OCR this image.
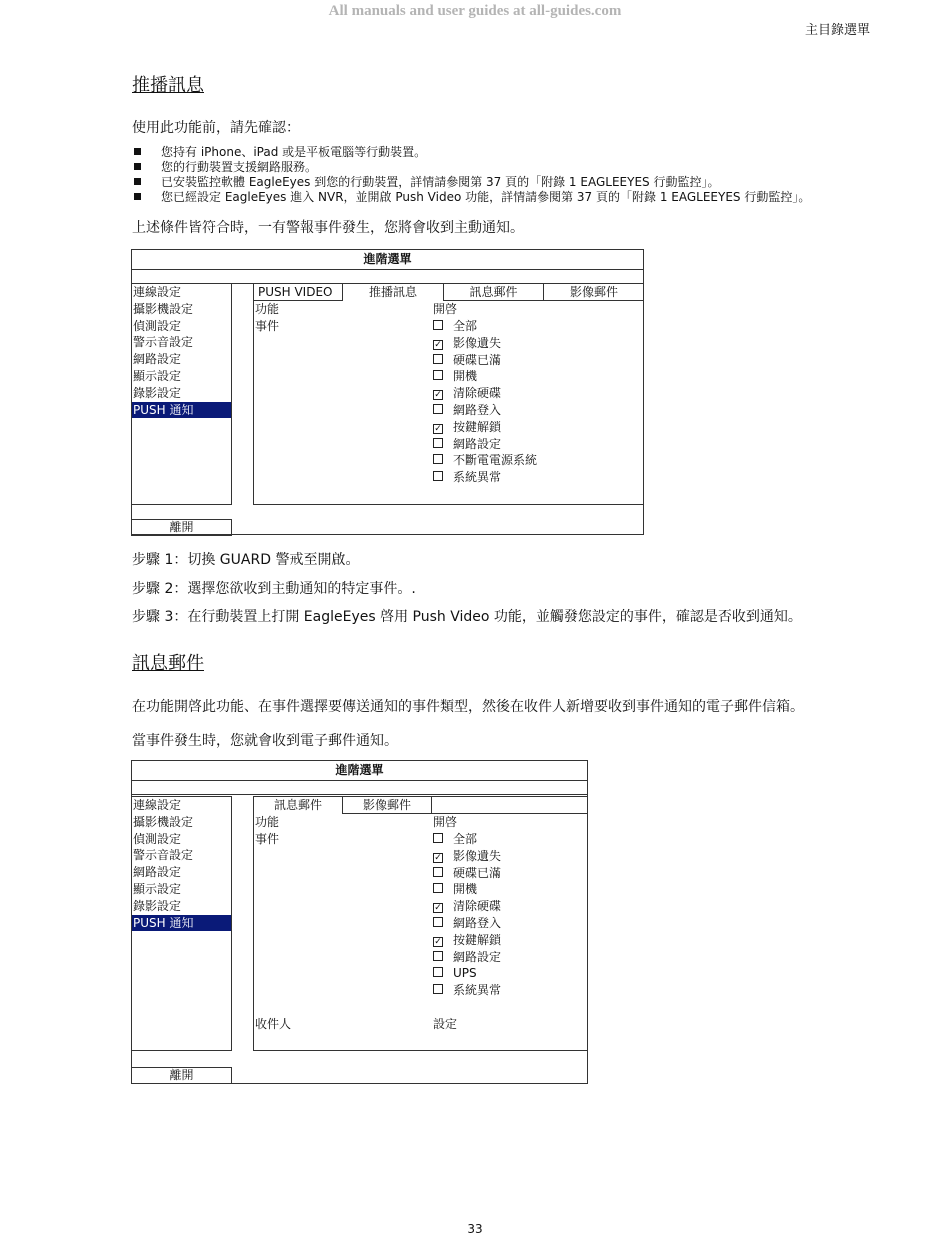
All manuals and user guides at all-guides.com
主目錄選單
推播訊息
使用此功能前，請先確認：
您持有 iPhone、iPad 或是平板電腦等行動裝置。
您的行動裝置支援網路服務。
已安裝監控軟體 EagleEyes 到您的行動裝置，詳情請參閱第 37 頁的「附錄 1 EAGLEEYES 行動監控」。
您已經設定 EagleEyes 進入 NVR，並開啟 Push Video 功能，詳情請參閱第 37 頁的「附錄 1 EAGLEEYES 行動監控」。
上述條件皆符合時，一有警報事件發生，您將會收到主動通知。
進階選單
連線設定
攝影機設定
偵測設定
警示音設定
網路設定
顯示設定
錄影設定
PUSH 通知
PUSH VIDEO	推播訊息	訊息郵件	影像郵件
功能	開啓
事件	全部
✓ 影像遺失
硬碟已滿
開機
✓ 清除硬碟
網路登入
✓ 按鍵解鎖
網路設定
不斷電電源系統
系統異常
離開
步驟 1：切換 GUARD 警戒至開啟。
步驟 2：選擇您欲收到主動通知的特定事件。.
步驟 3：在行動裝置上打開 EagleEyes 啓用 Push Video 功能，並觸發您設定的事件，確認是否收到通知。
訊息郵件
在功能開啓此功能、在事件選擇要傳送通知的事件類型，然後在收件人新增要收到事件通知的電子郵件信箱。
當事件發生時，您就會收到電子郵件通知。
進階選單
連線設定
攝影機設定
偵測設定
警示音設定
網路設定
顯示設定
錄影設定
PUSH 通知
訊息郵件	影像郵件
功能	開啓
事件	全部
✓ 影像遺失
硬碟已滿
開機
✓ 清除硬碟
網路登入
✓ 按鍵解鎖
網路設定
UPS
系統異常
收件人	設定
離開
33
